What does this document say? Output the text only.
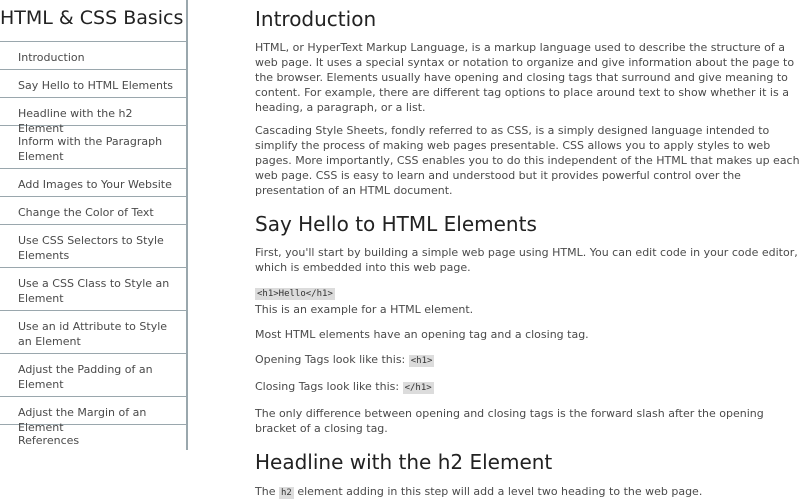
HTML & CSS Basics
Introduction
Say Hello to HTML Elements
Headline with the h2 Element
Inform with the Paragraph Element
Add Images to Your Website
Change the Color of Text
Use CSS Selectors to Style Elements
Use a CSS Class to Style an Element
Use an id Attribute to Style an Element
Adjust the Padding of an Element
Adjust the Margin of an Element
References
Introduction

HTML, or HyperText Markup Language, is a markup language used to describe the structure of a web page. It uses a special syntax or notation to organize and give information about the page to the browser. Elements usually have opening and closing tags that surround and give meaning to content. For example, there are different tag options to place around text to show whether it is a heading, a paragraph, or a list.

Cascading Style Sheets, fondly referred to as CSS, is a simply designed language intended to simplify the process of making web pages presentable. CSS allows you to apply styles to web pages. More importantly, CSS enables you to do this independent of the HTML that makes up each web page. CSS is easy to learn and understood but it provides powerful control over the presentation of an HTML document.

Say Hello to HTML Elements

First, you'll start by building a simple web page using HTML. You can edit code in your code editor, which is embedded into this web page.

<h1>Hello</h1>
This is an example for a HTML element.

Most HTML elements have an opening tag and a closing tag.

Opening Tags look like this: <h1>

Closing Tags look like this: </h1>

The only difference between opening and closing tags is the forward slash after the opening bracket of a closing tag.

Headline with the h2 Element

The h2 element adding in this step will add a level two heading to the web page.
